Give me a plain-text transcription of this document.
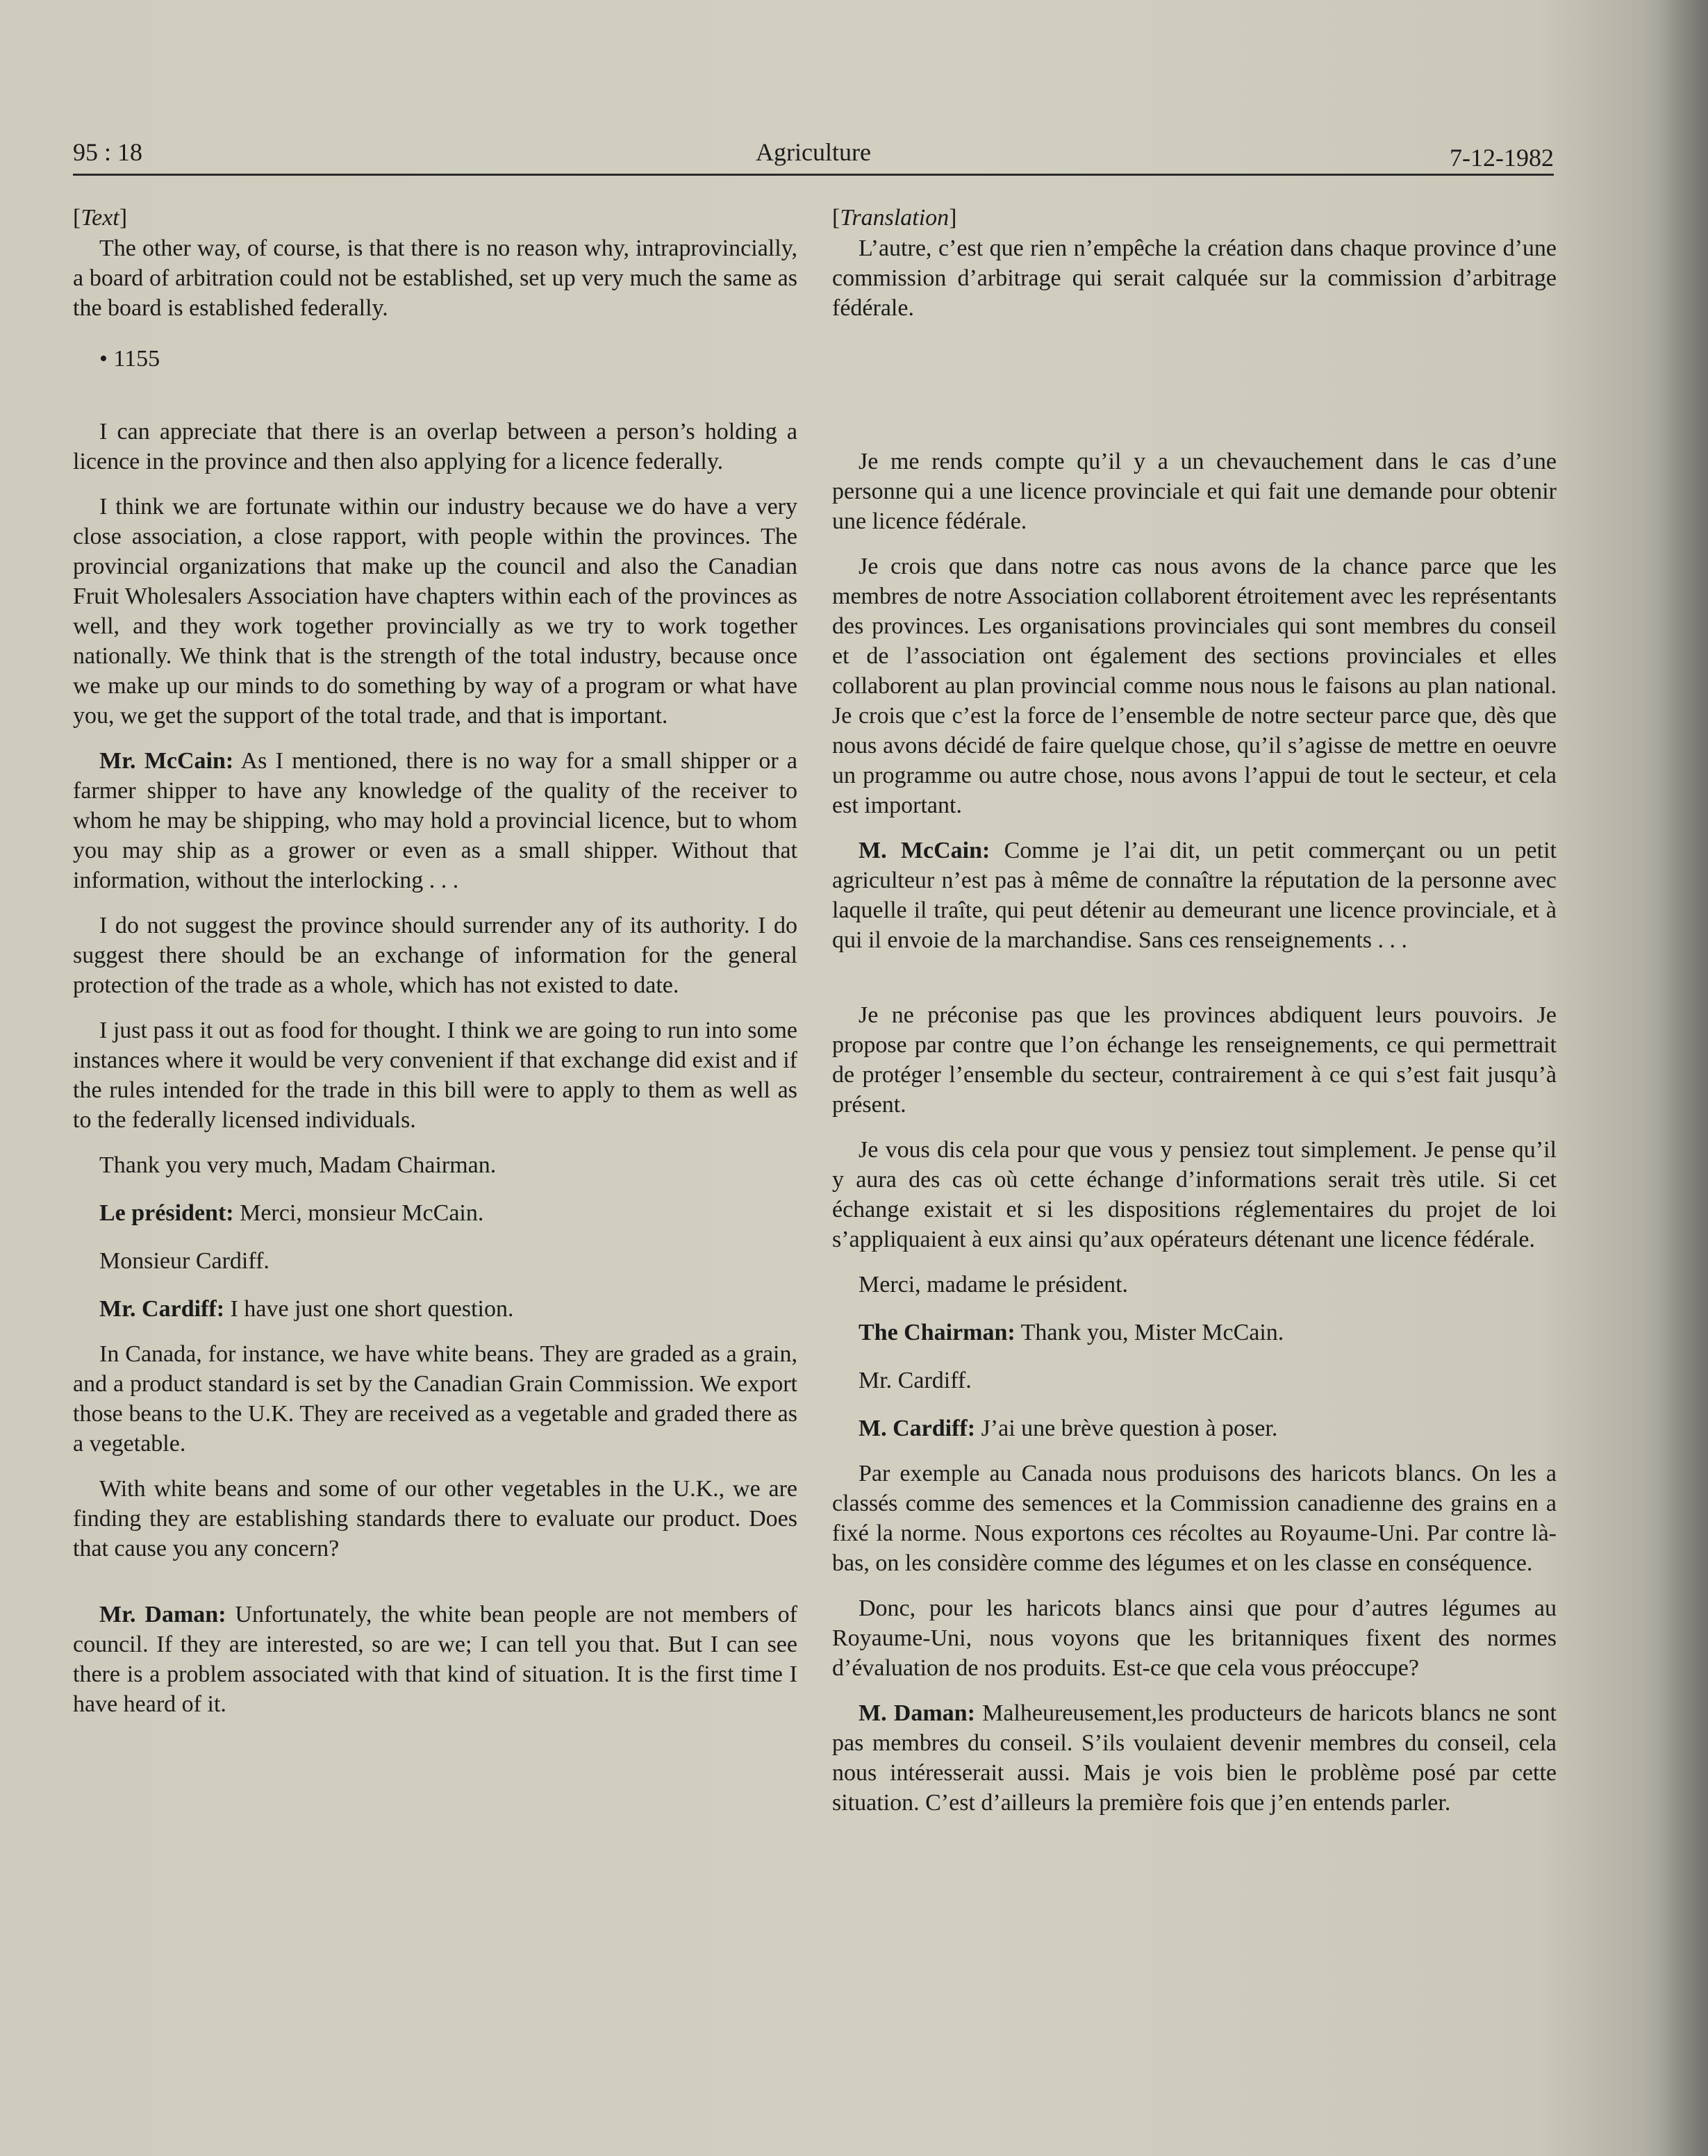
95 : 18	Agriculture	7-12-1982

[Text]

The other way, of course, is that there is no reason why, intraprovincially, a board of arbitration could not be established, set up very much the same as the board is established federally.

• 1155

I can appreciate that there is an overlap between a person’s holding a licence in the province and then also applying for a licence federally.

I think we are fortunate within our industry because we do have a very close association, a close rapport, with people within the provinces. The provincial organizations that make up the council and also the Canadian Fruit Wholesalers Association have chapters within each of the provinces as well, and they work together provincially as we try to work together nationally. We think that is the strength of the total industry, because once we make up our minds to do something by way of a program or what have you, we get the support of the total trade, and that is important.

Mr. McCain: As I mentioned, there is no way for a small shipper or a farmer shipper to have any knowledge of the quality of the receiver to whom he may be shipping, who may hold a provincial licence, but to whom you may ship as a grower or even as a small shipper. Without that information, without the interlocking . . .

I do not suggest the province should surrender any of its authority. I do suggest there should be an exchange of information for the general protection of the trade as a whole, which has not existed to date.

I just pass it out as food for thought. I think we are going to run into some instances where it would be very convenient if that exchange did exist and if the rules intended for the trade in this bill were to apply to them as well as to the federally licensed individuals.

Thank you very much, Madam Chairman.

Le président: Merci, monsieur McCain.

Monsieur Cardiff.

Mr. Cardiff: I have just one short question.

In Canada, for instance, we have white beans. They are graded as a grain, and a product standard is set by the Canadian Grain Commission. We export those beans to the U.K. They are received as a vegetable and graded there as a vegetable.

With white beans and some of our other vegetables in the U.K., we are finding they are establishing standards there to evaluate our product. Does that cause you any concern?

Mr. Daman: Unfortunately, the white bean people are not members of council. If they are interested, so are we; I can tell you that. But I can see there is a problem associated with that kind of situation. It is the first time I have heard of it.

[Translation]

L’autre, c’est que rien n’empêche la création dans chaque province d’une commission d’arbitrage qui serait calquée sur la commission d’arbitrage fédérale.

Je me rends compte qu’il y a un chevauchement dans le cas d’une personne qui a une licence provinciale et qui fait une demande pour obtenir une licence fédérale.

Je crois que dans notre cas nous avons de la chance parce que les membres de notre Association collaborent étroitement avec les représentants des provinces. Les organisations provinciales qui sont membres du conseil et de l’association ont également des sections provinciales et elles collaborent au plan provincial comme nous nous le faisons au plan national. Je crois que c’est la force de l’ensemble de notre secteur parce que, dès que nous avons décidé de faire quelque chose, qu’il s’agisse de mettre en oeuvre un programme ou autre chose, nous avons l’appui de tout le secteur, et cela est important.

M. McCain: Comme je l’ai dit, un petit commerçant ou un petit agriculteur n’est pas à même de connaître la réputation de la personne avec laquelle il traîte, qui peut détenir au demeurant une licence provinciale, et à qui il envoie de la marchandise. Sans ces renseignements . . .

Je ne préconise pas que les provinces abdiquent leurs pouvoirs. Je propose par contre que l’on échange les renseignements, ce qui permettrait de protéger l’ensemble du secteur, contrairement à ce qui s’est fait jusqu’à présent.

Je vous dis cela pour que vous y pensiez tout simplement. Je pense qu’il y aura des cas où cette échange d’informations serait très utile. Si cet échange existait et si les dispositions réglementaires du projet de loi s’appliquaient à eux ainsi qu’aux opérateurs détenant une licence fédérale.

Merci, madame le président.

The Chairman: Thank you, Mister McCain.

Mr. Cardiff.

M. Cardiff: J’ai une brève question à poser.

Par exemple au Canada nous produisons des haricots blancs. On les a classés comme des semences et la Commission canadienne des grains en a fixé la norme. Nous exportons ces récoltes au Royaume-Uni. Par contre là-bas, on les considère comme des légumes et on les classe en conséquence.

Donc, pour les haricots blancs ainsi que pour d’autres légumes au Royaume-Uni, nous voyons que les britanniques fixent des normes d’évaluation de nos produits. Est-ce que cela vous préoccupe?

M. Daman: Malheureusement,les producteurs de haricots blancs ne sont pas membres du conseil. S’ils voulaient devenir membres du conseil, cela nous intéresserait aussi. Mais je vois bien le problème posé par cette situation. C’est d’ailleurs la première fois que j’en entends parler.
